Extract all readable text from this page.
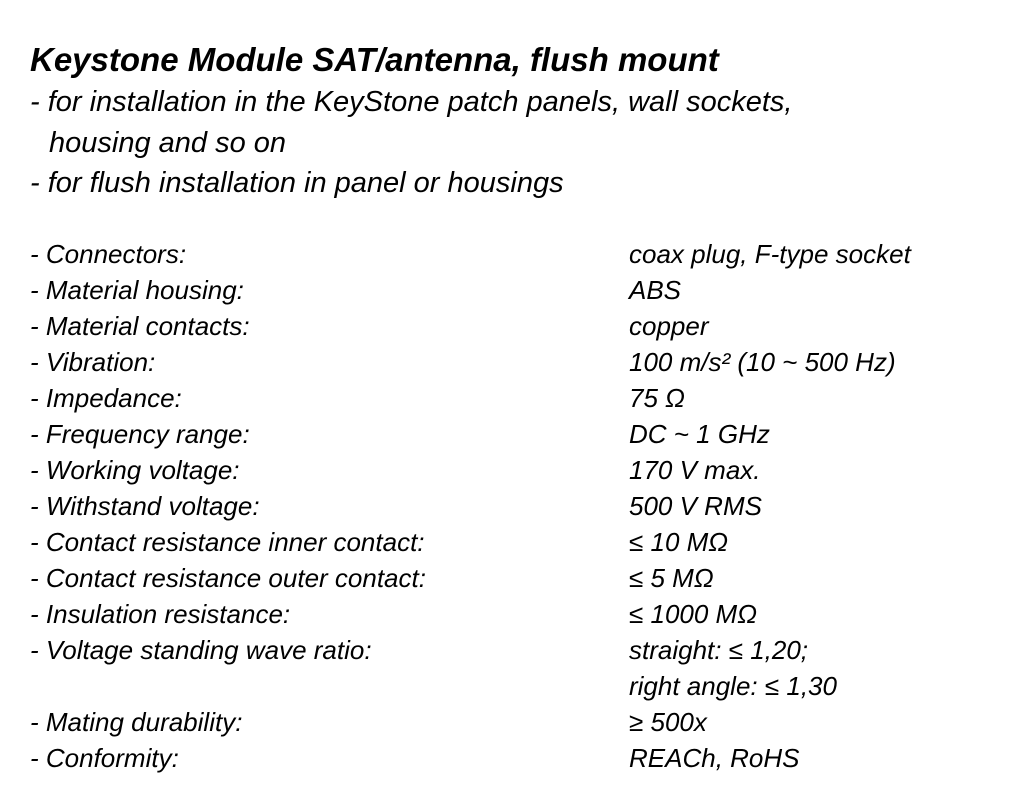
Keystone Module SAT/antenna, flush mount
- for installation in the KeyStone patch panels, wall sockets,
housing and so on
- for flush installation in panel or housings
- Connectors:	coax plug, F-type socket
- Material housing:	ABS
- Material contacts:	copper
- Vibration:	100 m/s² (10 ~ 500 Hz)
- Impedance:	75 Ω
- Frequency range:	DC ~ 1 GHz
- Working voltage:	170 V max.
- Withstand voltage:	500 V RMS
- Contact resistance inner contact:	≤ 10 MΩ
- Contact resistance outer contact:	≤ 5 MΩ
- Insulation resistance:	≤ 1000 MΩ
- Voltage standing wave ratio:	straight: ≤ 1,20;
right angle: ≤ 1,30
- Mating durability:	≥ 500x
- Conformity:	REACh, RoHS
